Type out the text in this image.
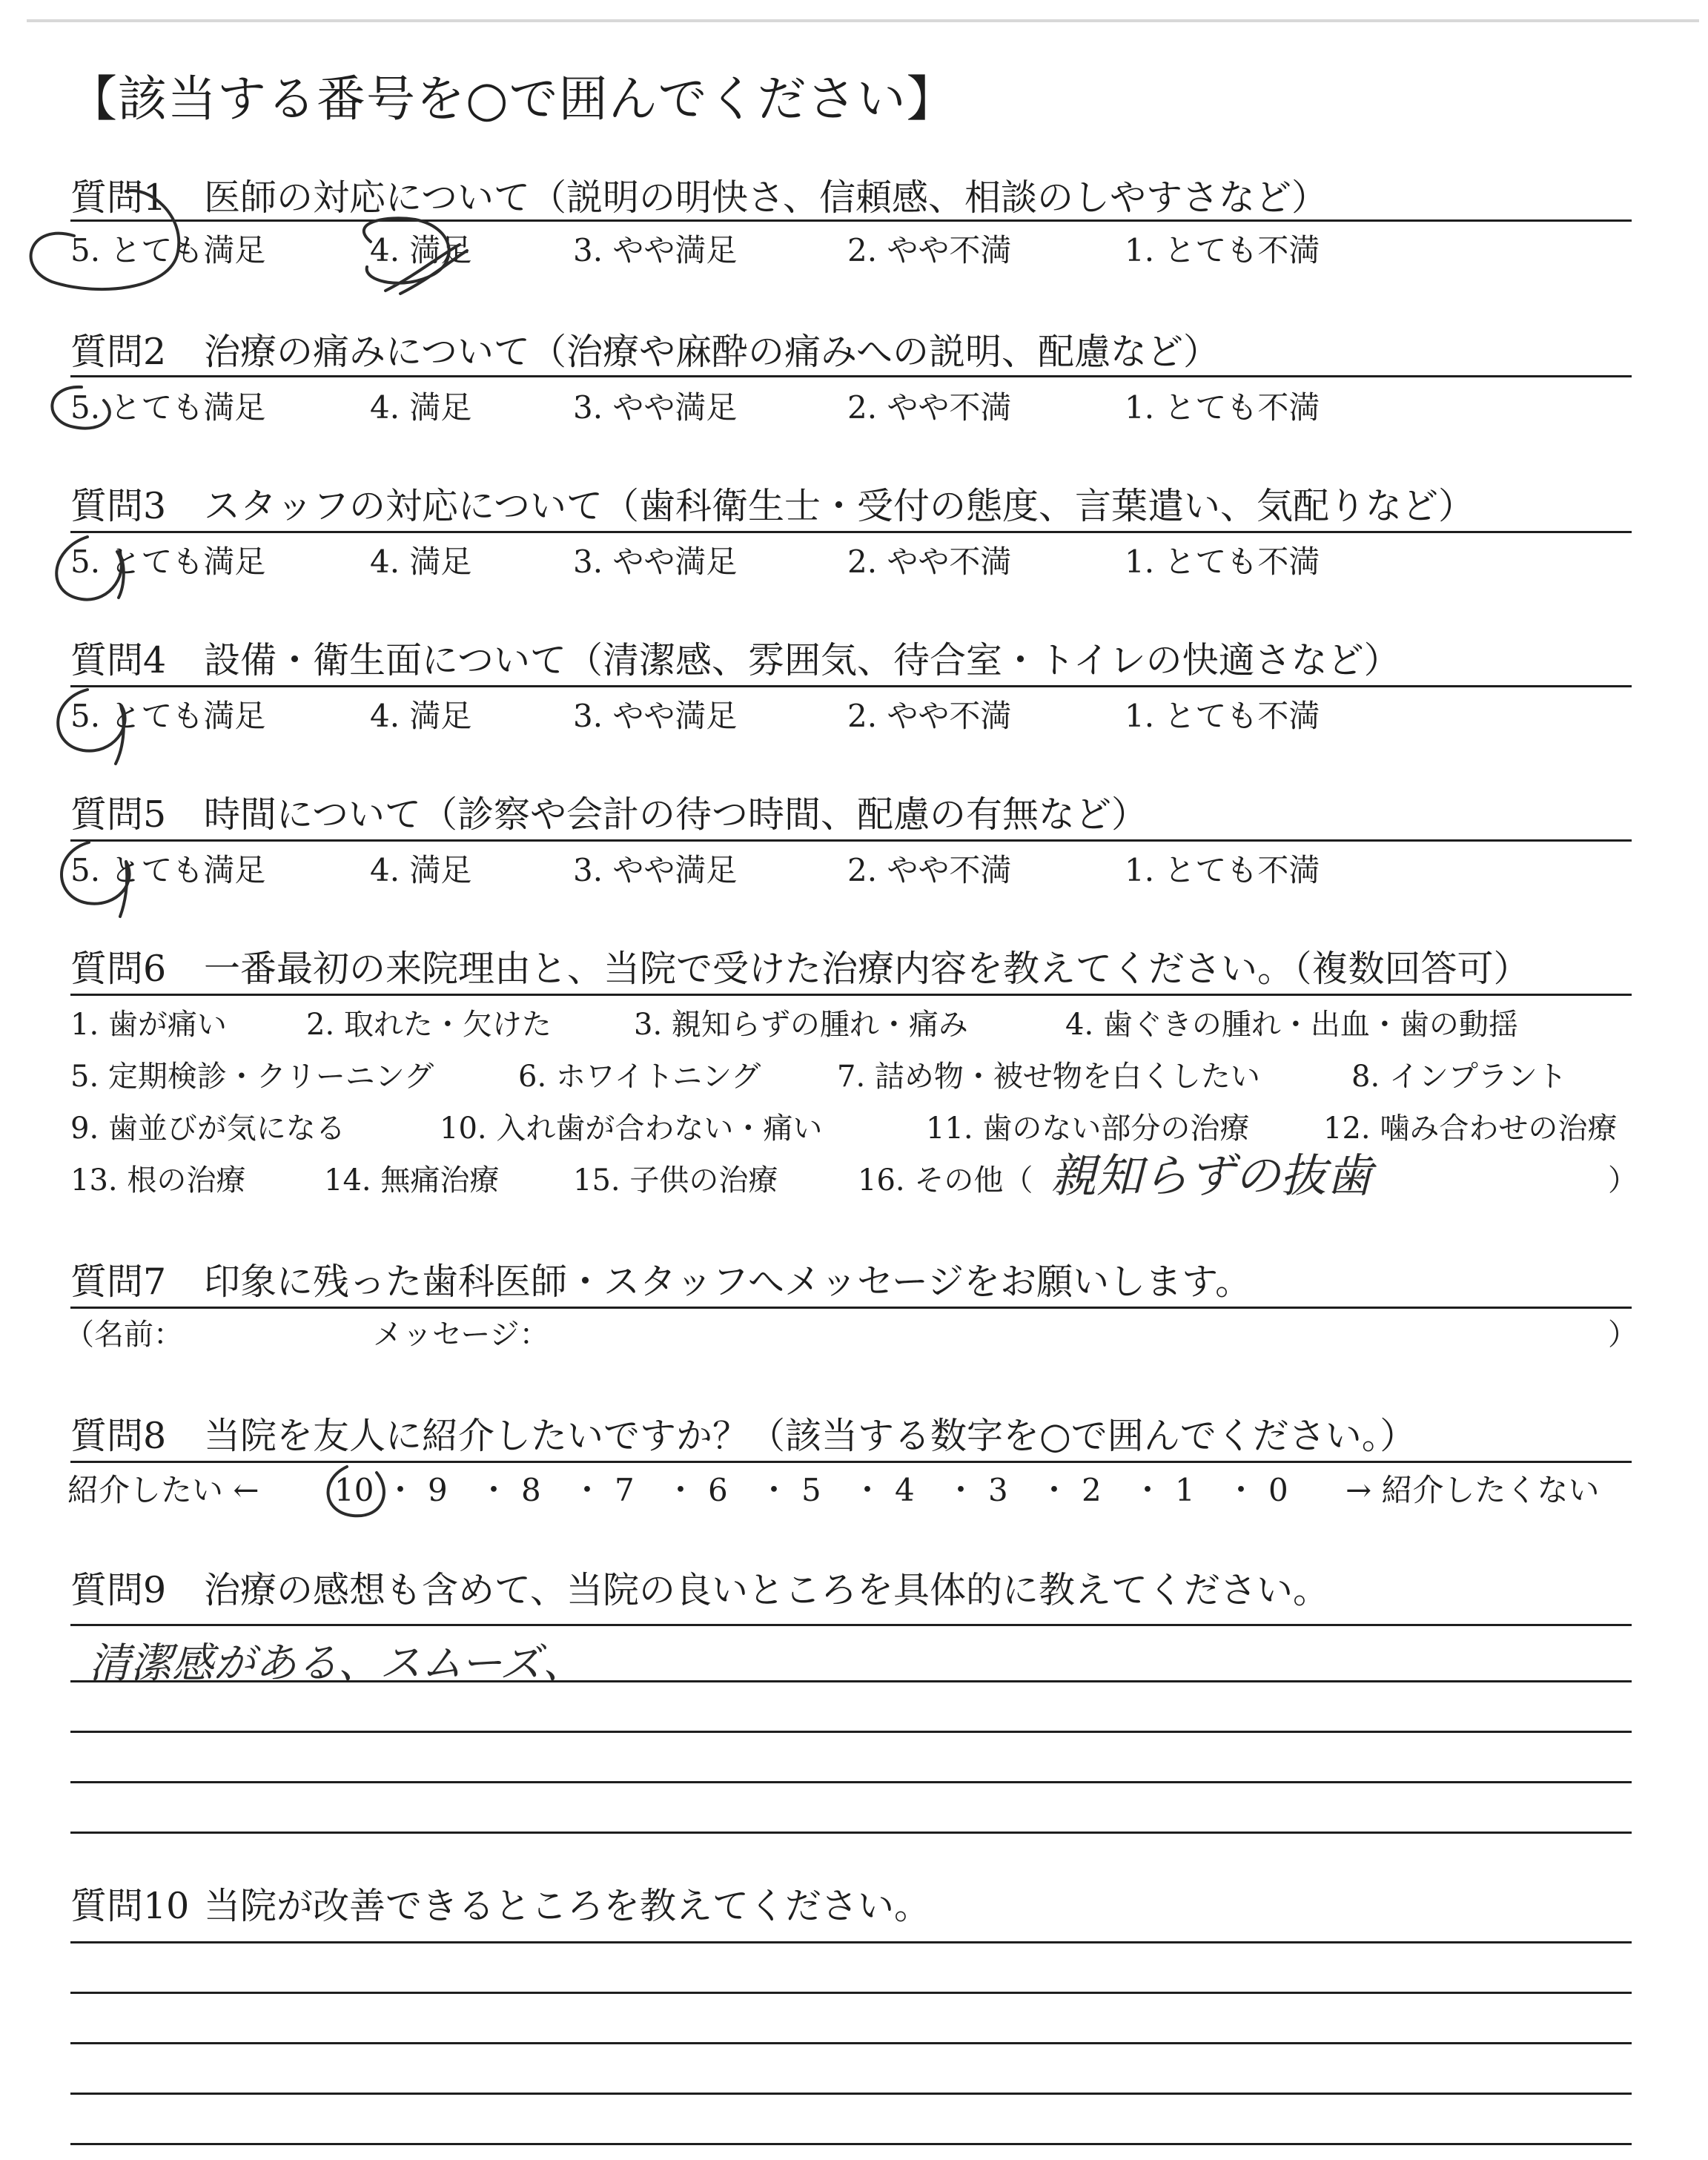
【該当する番号を○で囲んでください】
質問1 医師の対応について（説明の明快さ、信頼感、相談のしやすさなど）
5. とても満足	4. 満足	3. やや満足	2. やや不満	1. とても不満
質問2 治療の痛みについて（治療や麻酔の痛みへの説明、配慮など）
5. とても満足	4. 満足	3. やや満足	2. やや不満	1. とても不満
質問3 スタッフの対応について（歯科衛生士・受付の態度、言葉遣い、気配りなど）
5. とても満足	4. 満足	3. やや満足	2. やや不満	1. とても不満
質問4 設備・衛生面について（清潔感、雰囲気、待合室・トイレの快適さなど）
5. とても満足	4. 満足	3. やや満足	2. やや不満	1. とても不満
質問5 時間について（診察や会計の待つ時間、配慮の有無など）
5. とても満足	4. 満足	3. やや満足	2. やや不満	1. とても不満
質問6 一番最初の来院理由と、当院で受けた治療内容を教えてください。（複数回答可）
1. 歯が痛い	2. 取れた・欠けた	3. 親知らずの腫れ・痛み	4. 歯ぐきの腫れ・出血・歯の動揺
5. 定期検診・クリーニング	6. ホワイトニング	7. 詰め物・被せ物を白くしたい	8. インプラント
9. 歯並びが気になる	10. 入れ歯が合わない・痛い	11. 歯のない部分の治療 12. 噛み合わせの治療
13. 根の治療	14. 無痛治療 15. 子供の治療	16. その他（ 親知らずの抜歯	）
質問7 印象に残った歯科医師・スタッフへメッセージをお願いします。
（名前：	メッセージ：	）
質問8 当院を友人に紹介したいですか？（該当する数字を○で囲んでください。）
紹介したい ←	→ 紹介したくない
10 ・ 9 ・ 8 ・ 7 ・ 6 ・ 5 ・ 4 ・ 3 ・ 2 ・ 1 ・ 0
質問9 治療の感想も含めて、当院の良いところを具体的に教えてください。
清潔感がある、スムーズ、
質問10 当院が改善できるところを教えてください。
